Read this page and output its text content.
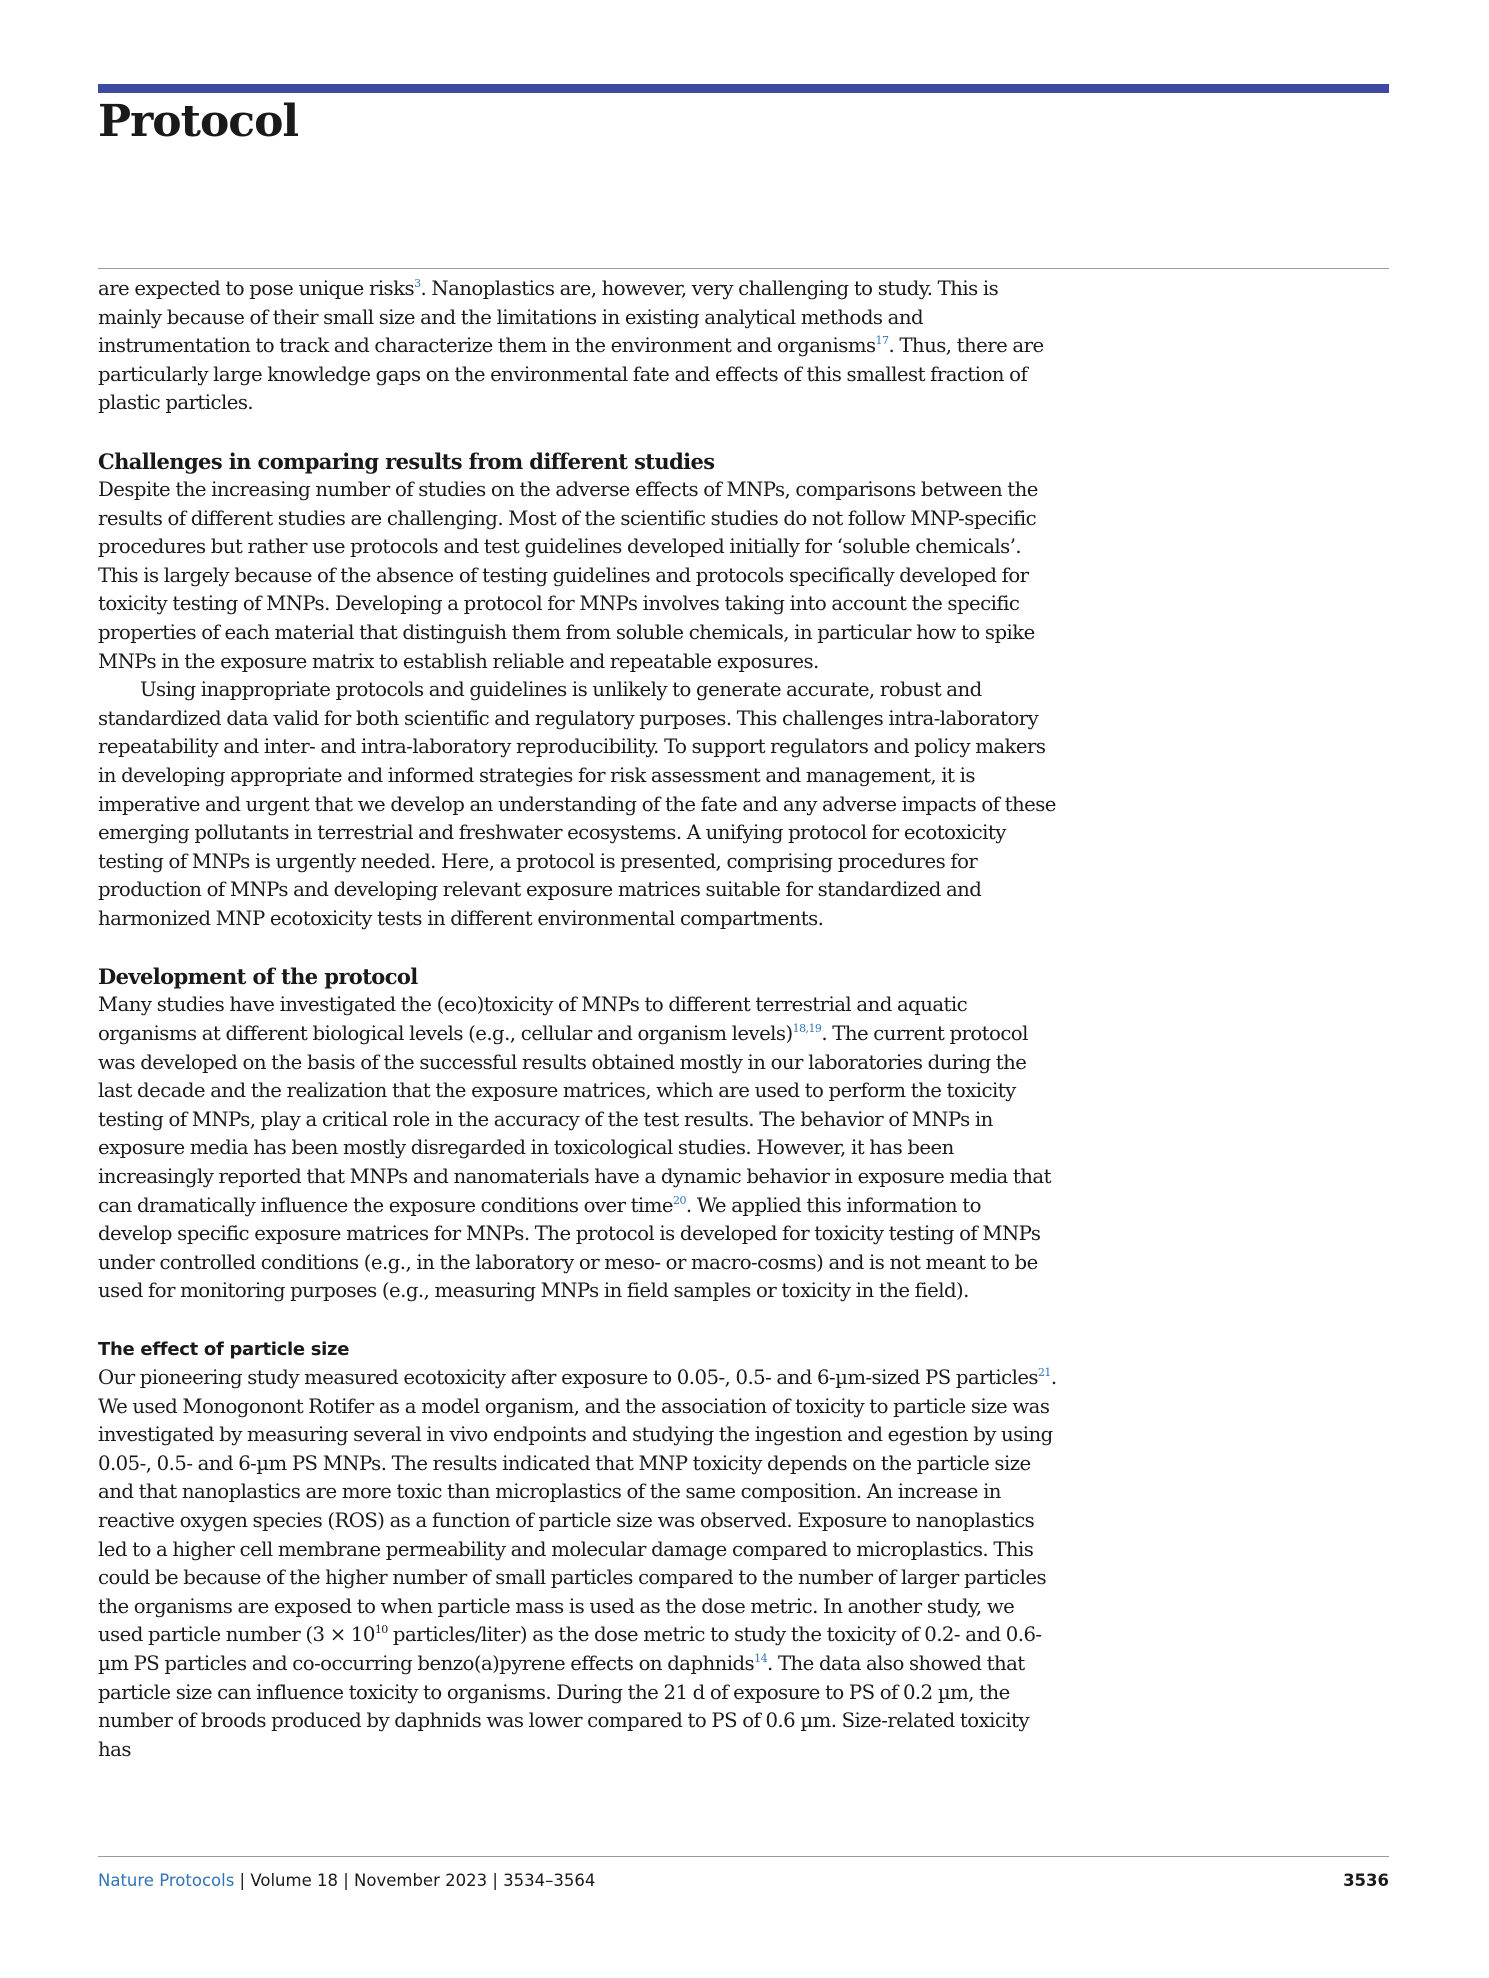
Protocol

are expected to pose unique risks$^3$. Nanoplastics are, however, very challenging to study. This is mainly because of their small size and the limitations in existing analytical methods and instrumentation to track and characterize them in the environment and organisms$^{17}$. Thus, there are particularly large knowledge gaps on the environmental fate and effects of this smallest fraction of plastic particles.

Challenges in comparing results from different studies

Despite the increasing number of studies on the adverse effects of MNPs, comparisons between the results of different studies are challenging. Most of the scientific studies do not follow MNP-specific procedures but rather use protocols and test guidelines developed initially for ‘soluble chemicals’. This is largely because of the absence of testing guidelines and protocols specifically developed for toxicity testing of MNPs. Developing a protocol for MNPs involves taking into account the specific properties of each material that distinguish them from soluble chemicals, in particular how to spike MNPs in the exposure matrix to establish reliable and repeatable exposures.

Using inappropriate protocols and guidelines is unlikely to generate accurate, robust and standardized data valid for both scientific and regulatory purposes. This challenges intra-laboratory repeatability and inter- and intra-laboratory reproducibility. To support regulators and policy makers in developing appropriate and informed strategies for risk assessment and management, it is imperative and urgent that we develop an understanding of the fate and any adverse impacts of these emerging pollutants in terrestrial and freshwater ecosystems. A unifying protocol for ecotoxicity testing of MNPs is urgently needed. Here, a protocol is presented, comprising procedures for production of MNPs and developing relevant exposure matrices suitable for standardized and harmonized MNP ecotoxicity tests in different environmental compartments.

Development of the protocol

Many studies have investigated the (eco)toxicity of MNPs to different terrestrial and aquatic organisms at different biological levels (e.g., cellular and organism levels)$^{18,19}$. The current protocol was developed on the basis of the successful results obtained mostly in our laboratories during the last decade and the realization that the exposure matrices, which are used to perform the toxicity testing of MNPs, play a critical role in the accuracy of the test results. The behavior of MNPs in exposure media has been mostly disregarded in toxicological studies. However, it has been increasingly reported that MNPs and nanomaterials have a dynamic behavior in exposure media that can dramatically influence the exposure conditions over time$^{20}$. We applied this information to develop specific exposure matrices for MNPs. The protocol is developed for toxicity testing of MNPs under controlled conditions (e.g., in the laboratory or meso- or macro-cosms) and is not meant to be used for monitoring purposes (e.g., measuring MNPs in field samples or toxicity in the field).

The effect of particle size

Our pioneering study measured ecotoxicity after exposure to 0.05-, 0.5- and 6-µm-sized PS particles$^{21}$. We used Monogonont Rotifer as a model organism, and the association of toxicity to particle size was investigated by measuring several in vivo endpoints and studying the ingestion and egestion by using 0.05-, 0.5- and 6-µm PS MNPs. The results indicated that MNP toxicity depends on the particle size and that nanoplastics are more toxic than microplastics of the same composition. An increase in reactive oxygen species (ROS) as a function of particle size was observed. Exposure to nanoplastics led to a higher cell membrane permeability and molecular damage compared to microplastics. This could be because of the higher number of small particles compared to the number of larger particles the organisms are exposed to when particle mass is used as the dose metric. In another study, we used particle number ($3 \times 10^{10}$ particles/liter) as the dose metric to study the toxicity of 0.2- and 0.6-µm PS particles and co-occurring benzo(a)pyrene effects on daphnids$^{14}$. The data also showed that particle size can influence toxicity to organisms. During the 21 d of exposure to PS of 0.2 µm, the number of broods produced by daphnids was lower compared to PS of 0.6 µm. Size-related toxicity has

Nature Protocols | Volume 18 | November 2023 | 3534–3564	3536
